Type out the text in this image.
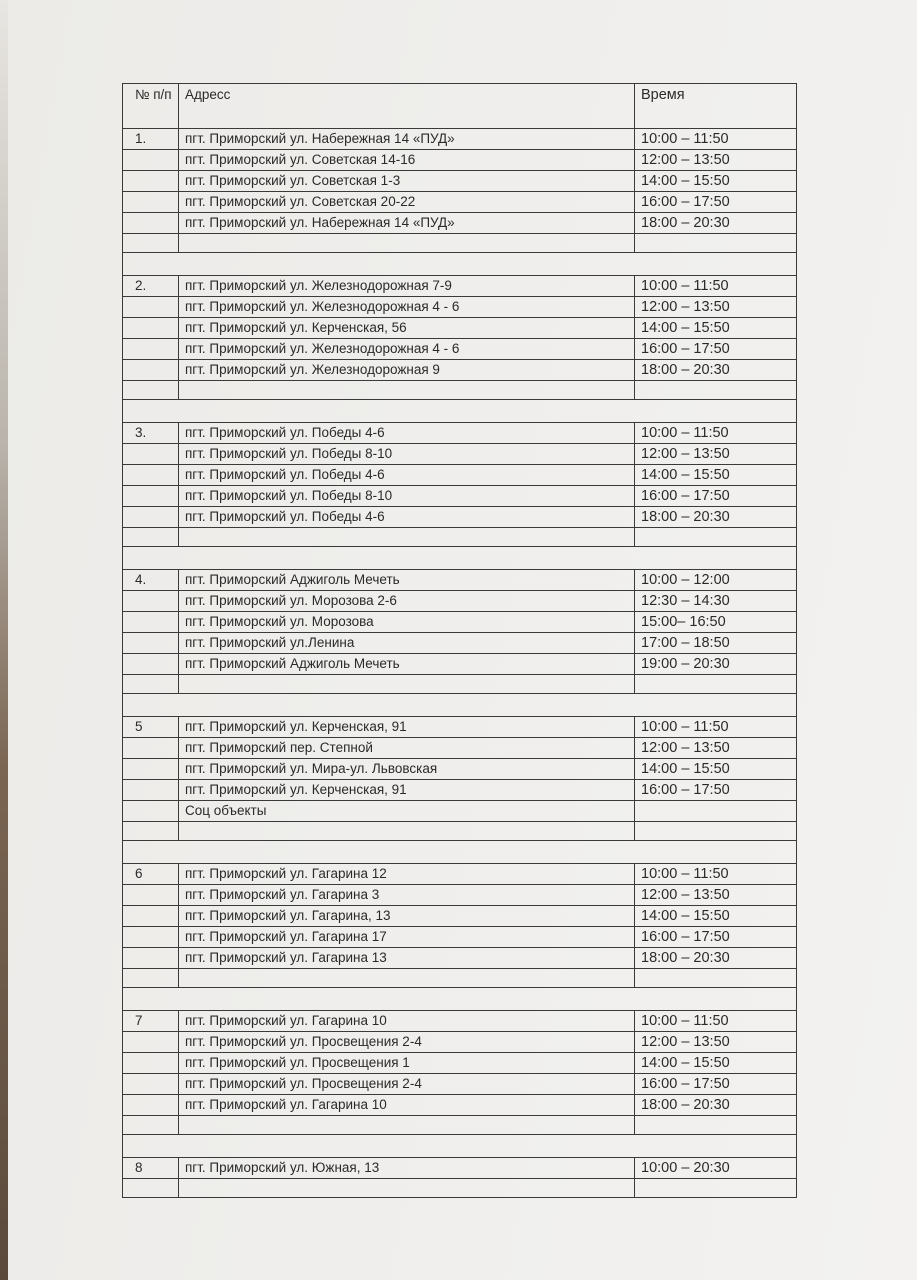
№ п/п	Адресс	Время
1.	пгт. Приморский ул. Набережная 14 «ПУД»	10:00 – 11:50
	пгт. Приморский ул. Советская 14-16	12:00 – 13:50
	пгт. Приморский ул. Советская 1-3	14:00 – 15:50
	пгт. Приморский ул. Советская 20-22	16:00 – 17:50
	пгт. Приморский ул. Набережная 14 «ПУД»	18:00 – 20:30

2.	пгт. Приморский ул. Железнодорожная 7-9	10:00 – 11:50
	пгт. Приморский ул. Железнодорожная 4 - 6	12:00 – 13:50
	пгт. Приморский ул. Керченская, 56	14:00 – 15:50
	пгт. Приморский ул. Железнодорожная 4 - 6	16:00 – 17:50
	пгт. Приморский ул. Железнодорожная 9	18:00 – 20:30

3.	пгт. Приморский ул. Победы 4-6	10:00 – 11:50
	пгт. Приморский ул. Победы 8-10	12:00 – 13:50
	пгт. Приморский ул. Победы 4-6	14:00 – 15:50
	пгт. Приморский ул. Победы 8-10	16:00 – 17:50
	пгт. Приморский ул. Победы 4-6	18:00 – 20:30

4.	пгт. Приморский Аджиголь Мечеть	10:00 – 12:00
	пгт. Приморский ул. Морозова 2-6	12:30 – 14:30
	пгт. Приморский ул. Морозова	15:00– 16:50
	пгт. Приморский ул.Ленина	17:00 – 18:50
	пгт. Приморский Аджиголь Мечеть	19:00 – 20:30

5	пгт. Приморский ул. Керченская, 91	10:00 – 11:50
	пгт. Приморский пер. Степной	12:00 – 13:50
	пгт. Приморский ул. Мира-ул. Львовская	14:00 – 15:50
	пгт. Приморский ул. Керченская, 91	16:00 – 17:50
	Соц объекты	

6	пгт. Приморский ул. Гагарина 12	10:00 – 11:50
	пгт. Приморский ул. Гагарина 3	12:00 – 13:50
	пгт. Приморский ул. Гагарина, 13	14:00 – 15:50
	пгт. Приморский ул. Гагарина 17	16:00 – 17:50
	пгт. Приморский ул. Гагарина 13	18:00 – 20:30

7	пгт. Приморский ул. Гагарина 10	10:00 – 11:50
	пгт. Приморский ул. Просвещения 2-4	12:00 – 13:50
	пгт. Приморский ул. Просвещения 1	14:00 – 15:50
	пгт. Приморский ул. Просвещения 2-4	16:00 – 17:50
	пгт. Приморский ул. Гагарина 10	18:00 – 20:30

8	пгт. Приморский ул. Южная, 13	10:00 – 20:30
